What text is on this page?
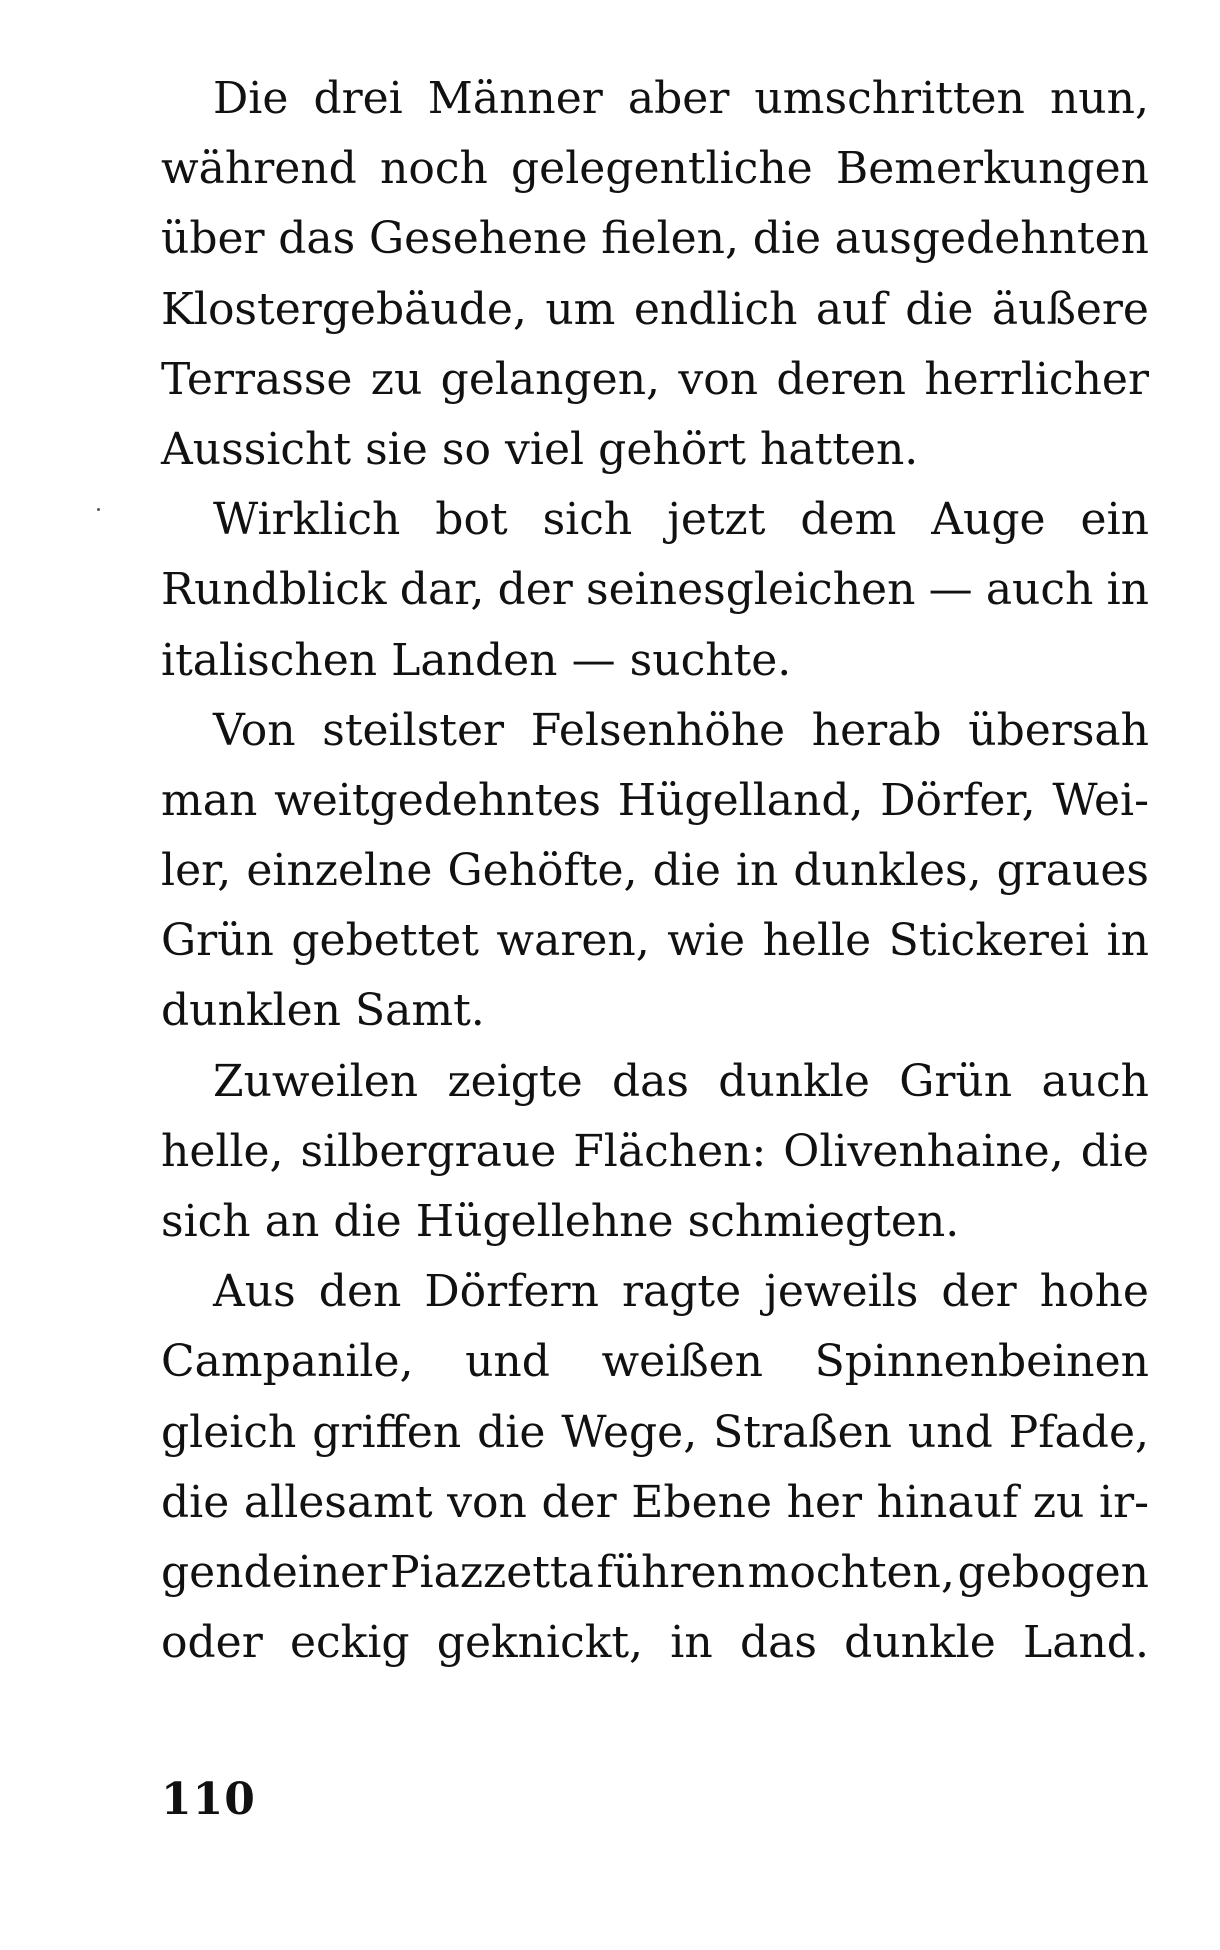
Die drei Männer aber umschritten nun,
während noch gelegentliche Bemerkungen
über das Gesehene fielen, die ausgedehnten
Klostergebäude, um endlich auf die äußere
Terrasse zu gelangen, von deren herrlicher
Aussicht sie so viel gehört hatten.
Wirklich bot sich jetzt dem Auge ein
Rundblick dar, der seinesgleichen — auch in
italischen Landen — suchte.
Von steilster Felsenhöhe herab übersah
man weitgedehntes Hügelland, Dörfer, Wei-
ler, einzelne Gehöfte, die in dunkles, graues
Grün gebettet waren, wie helle Stickerei in
dunklen Samt.
Zuweilen zeigte das dunkle Grün auch
helle, silbergraue Flächen: Olivenhaine, die
sich an die Hügellehne schmiegten.
Aus den Dörfern ragte jeweils der hohe
Campanile, und weißen Spinnenbeinen
gleich griffen die Wege, Straßen und Pfade,
die allesamt von der Ebene her hinauf zu ir-
gendeiner Piazzetta führen mochten, gebogen
oder eckig geknickt, in das dunkle Land.
110
